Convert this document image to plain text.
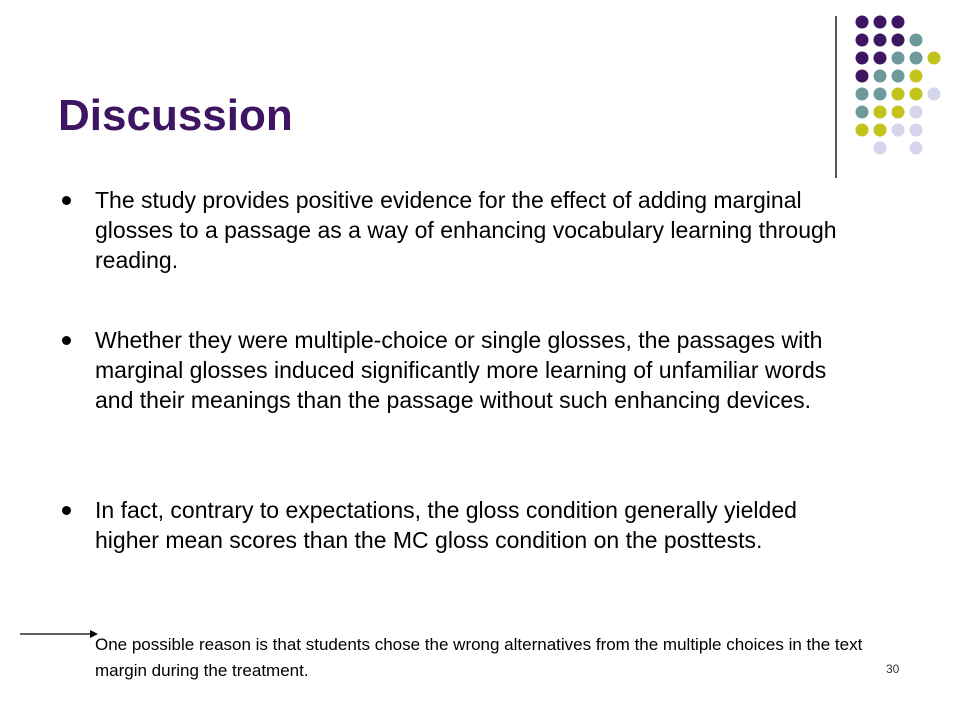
Discussion
The study provides positive evidence for the effect of adding marginal glosses to a passage as a way of enhancing vocabulary learning through reading.
Whether they were multiple-choice or single glosses, the passages with marginal glosses induced significantly more learning of unfamiliar words and their meanings than the passage without such enhancing devices.
In fact, contrary to expectations, the gloss condition generally yielded higher mean scores than the MC gloss condition on the posttests.
One possible reason is that students chose the wrong alternatives from the multiple choices in the text margin during the treatment.	30
